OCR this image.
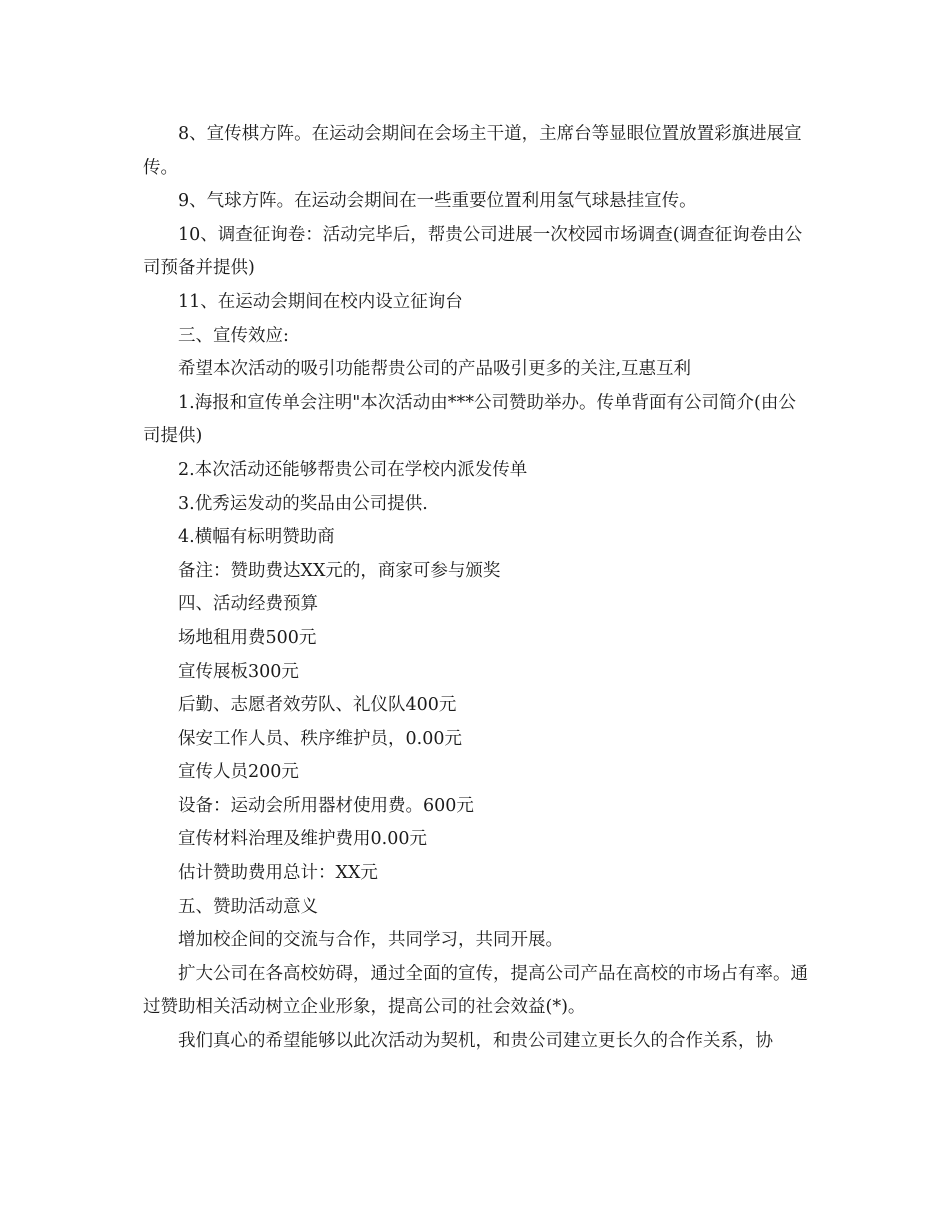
8、宣传棋方阵。在运动会期间在会场主干道，主席台等显眼位置放置彩旗进展宣传。

9、气球方阵。在运动会期间在一些重要位置利用氢气球悬挂宣传。

10、调查征询卷：活动完毕后，帮贵公司进展一次校园市场调查(调查征询卷由公司预备并提供)

11、在运动会期间在校内设立征询台

三、宣传效应:

希望本次活动的吸引功能帮贵公司的产品吸引更多的关注,互惠互利

1.海报和宣传单会注明"本次活动由***公司赞助举办。传单背面有公司简介(由公司提供)

2.本次活动还能够帮贵公司在学校内派发传单

3.优秀运发动的奖品由公司提供.

4.横幅有标明赞助商

备注：赞助费达XX元的，商家可参与颁奖

四、活动经费预算

场地租用费500元

宣传展板300元

后勤、志愿者效劳队、礼仪队400元

保安工作人员、秩序维护员，0.00元

宣传人员200元

设备：运动会所用器材使用费。600元

宣传材料治理及维护费用0.00元

估计赞助费用总计：XX元

五、赞助活动意义

增加校企间的交流与合作，共同学习，共同开展。

扩大公司在各高校妨碍，通过全面的宣传，提高公司产品在高校的市场占有率。通过赞助相关活动树立企业形象，提高公司的社会效益(*)。

我们真心的希望能够以此次活动为契机，和贵公司建立更长久的合作关系，协
